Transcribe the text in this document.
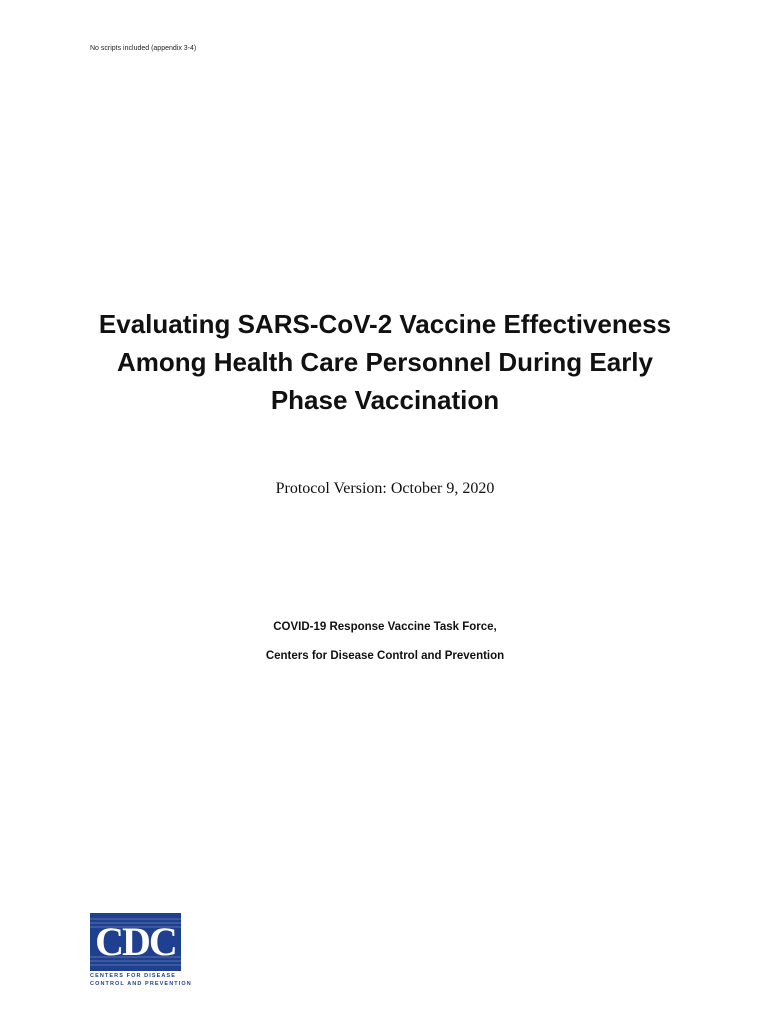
No scripts included (appendix 3-4)
Evaluating SARS-CoV-2 Vaccine Effectiveness
Among Health Care Personnel During Early
Phase Vaccination
Protocol Version: October 9, 2020
COVID-19 Response Vaccine Task Force,
Centers for Disease Control and Prevention
CDC
CENTERS FOR DISEASE
CONTROL AND PREVENTION
